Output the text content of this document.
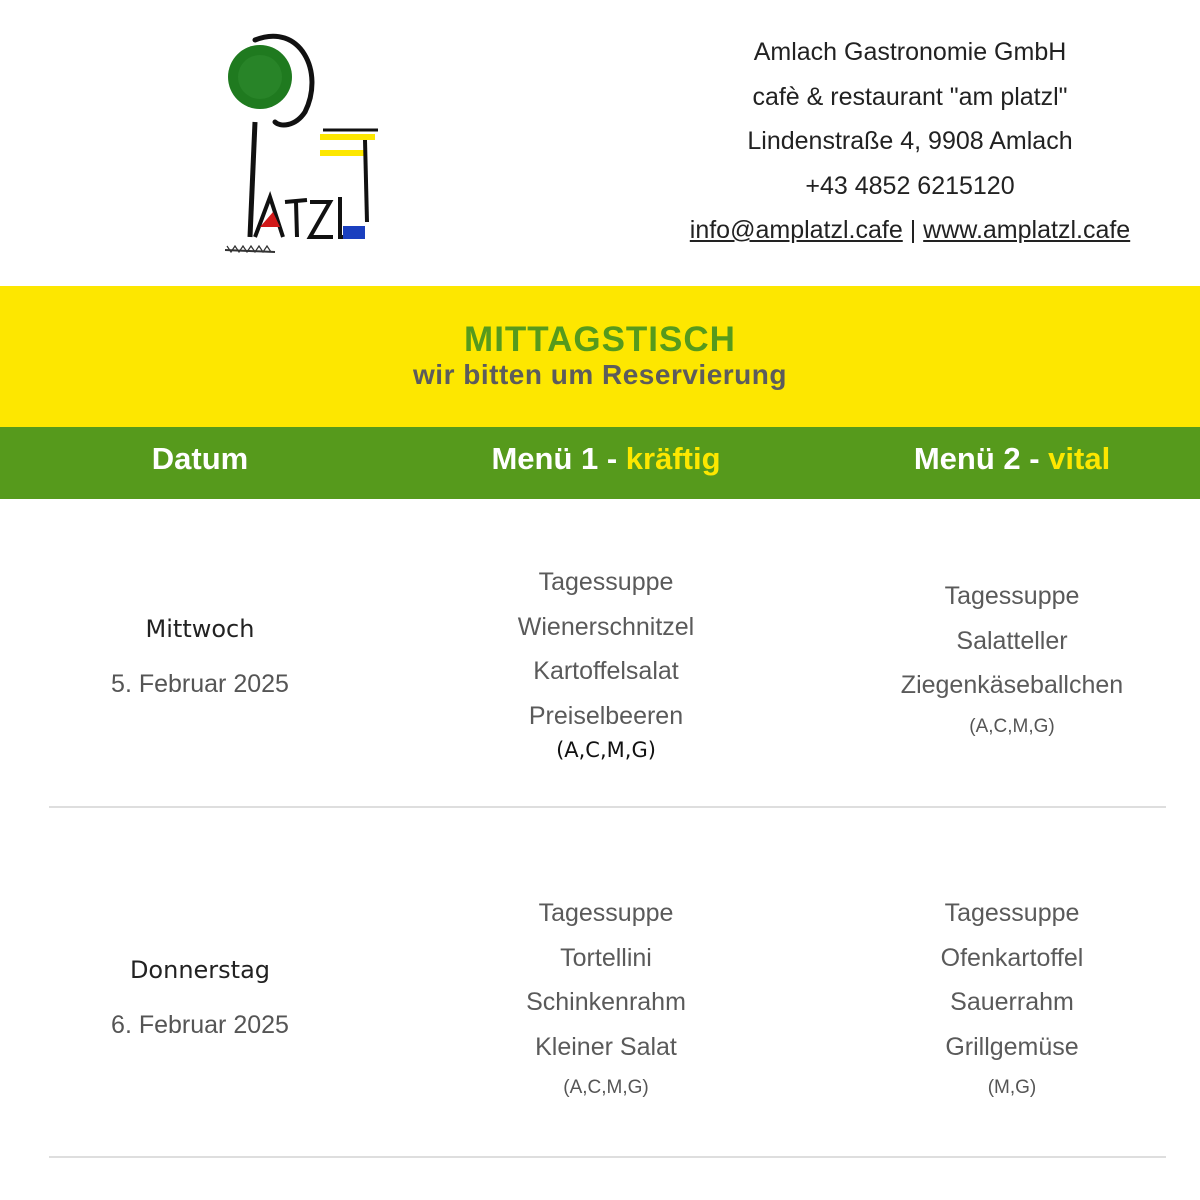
Amlach Gastronomie GmbH
cafè & restaurant "am platzl"
Lindenstraße 4, 9908 Amlach
+43 4852 6215120
info@amplatzl.cafe | www.amplatzl.cafe
MITTAGSTISCH
wir bitten um Reservierung
Datum	Menü 1 - kräftig	Menü 2 - vital
Mittwoch
5. Februar 2025
Tagessuppe
Wienerschnitzel
Kartoffelsalat
Preiselbeeren
(A,C,M,G)
Tagessuppe
Salatteller
Ziegenkäseballchen
(A,C,M,G)
Donnerstag
6. Februar 2025
Tagessuppe
Tortellini
Schinkenrahm
Kleiner Salat
(A,C,M,G)
Tagessuppe
Ofenkartoffel
Sauerrahm
Grillgemüse
(M,G)
